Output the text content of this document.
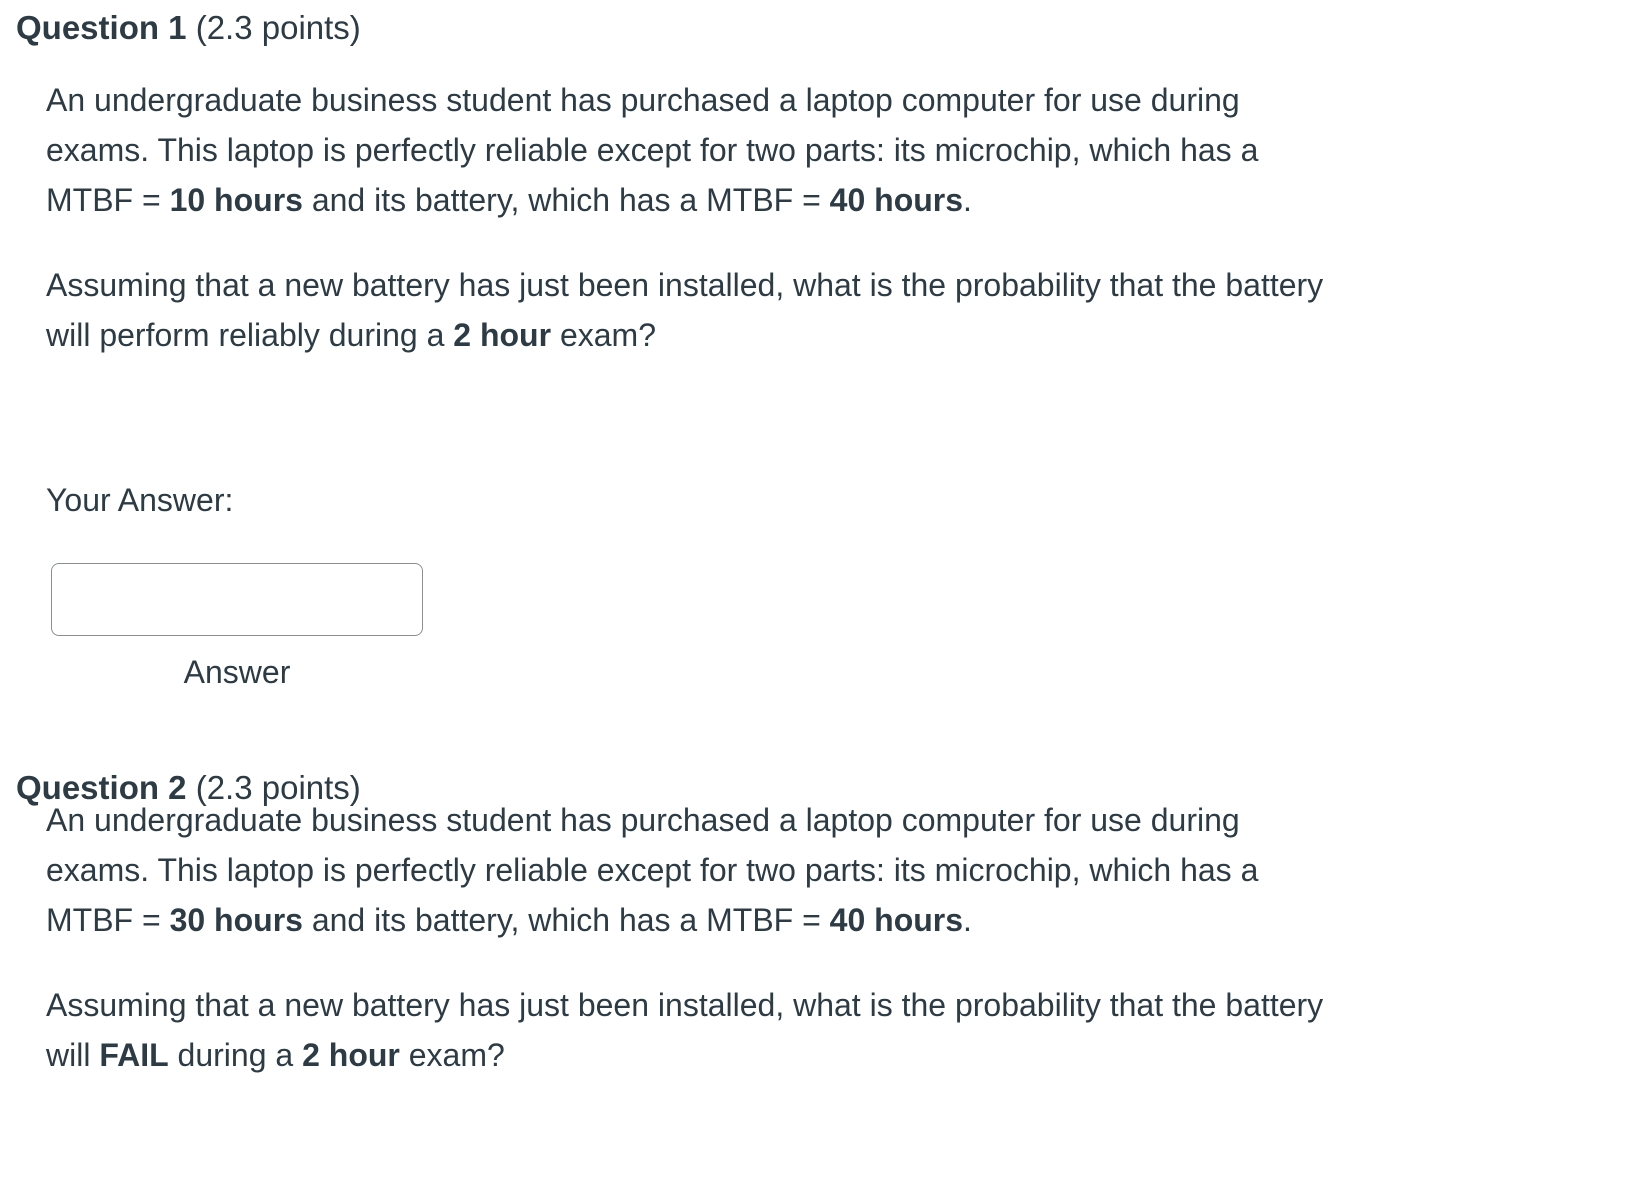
Question 1 (2.3 points)

An undergraduate business student has purchased a laptop computer for use during exams. This laptop is perfectly reliable except for two parts: its microchip, which has a MTBF = 10 hours and its battery, which has a MTBF = 40 hours.

Assuming that a new battery has just been installed, what is the probability that the battery will perform reliably during a 2 hour exam?

Your Answer:
Answer
Question 2 (2.3 points)

An undergraduate business student has purchased a laptop computer for use during exams. This laptop is perfectly reliable except for two parts: its microchip, which has a MTBF = 30 hours and its battery, which has a MTBF = 40 hours.

Assuming that a new battery has just been installed, what is the probability that the battery will FAIL during a 2 hour exam?
